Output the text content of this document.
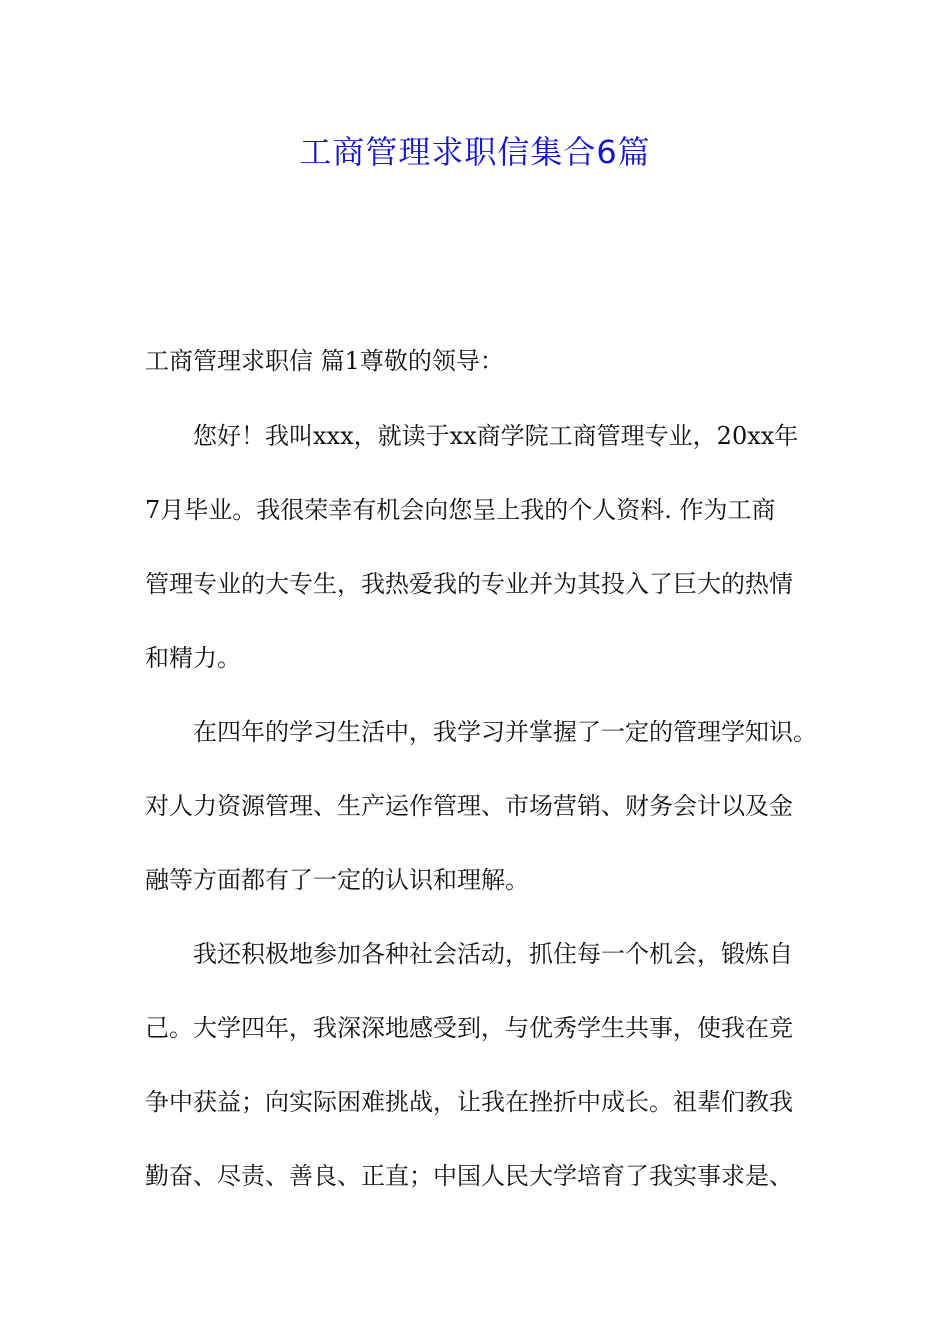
工商管理求职信集合6篇
工商管理求职信 篇1尊敬的领导：
您好！我叫xxx，就读于xx商学院工商管理专业，20xx年
7月毕业。我很荣幸有机会向您呈上我的个人资料. 作为工商
管理专业的大专生，我热爱我的专业并为其投入了巨大的热情
和精力。
在四年的学习生活中，我学习并掌握了一定的管理学知识。
对人力资源管理、生产运作管理、市场营销、财务会计以及金
融等方面都有了一定的认识和理解。
我还积极地参加各种社会活动，抓住每一个机会，锻炼自
己。大学四年，我深深地感受到，与优秀学生共事，使我在竞
争中获益；向实际困难挑战，让我在挫折中成长。祖辈们教我
勤奋、尽责、善良、正直；中国人民大学培育了我实事求是、
